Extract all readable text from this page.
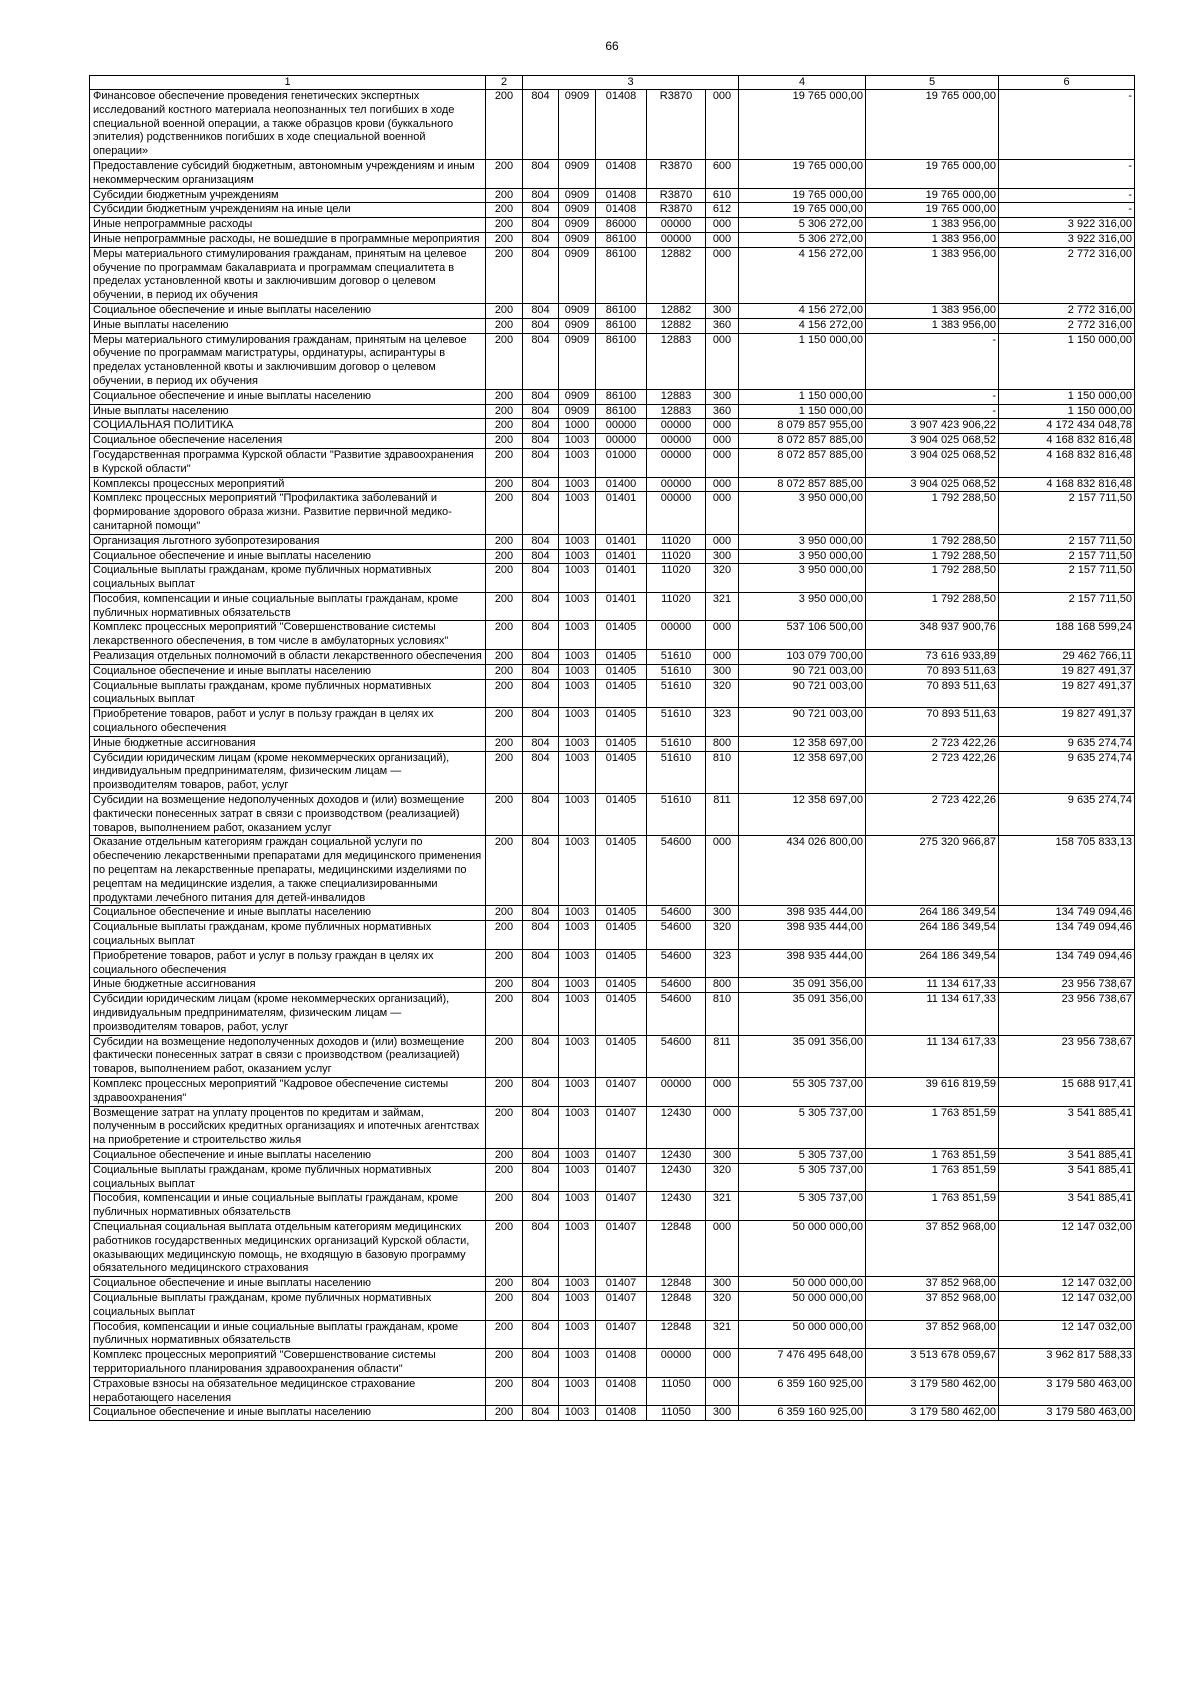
66
1	2	3					4	5	6
Финансовое обеспечение проведения генетических экспертных исследований костного материала неопознанных тел погибших в ходе специальной военной операции, а также образцов крови (буккального эпителия) родственников погибших в ходе специальной военной операции»	200	804	0909	01408	R3870	000	19 765 000,00	19 765 000,00	-
Предоставление субсидий бюджетным, автономным учреждениям и иным некоммерческим организациям	200	804	0909	01408	R3870	600	19 765 000,00	19 765 000,00	-
Субсидии бюджетным учреждениям	200	804	0909	01408	R3870	610	19 765 000,00	19 765 000,00	-
Субсидии бюджетным учреждениям на иные цели	200	804	0909	01408	R3870	612	19 765 000,00	19 765 000,00	-
Иные непрограммные расходы	200	804	0909	86000	00000	000	5 306 272,00	1 383 956,00	3 922 316,00
Иные непрограммные расходы, не вошедшие в программные мероприятия	200	804	0909	86100	00000	000	5 306 272,00	1 383 956,00	3 922 316,00
Меры материального стимулирования гражданам, принятым на целевое обучение по программам бакалавриата и программам специалитета в пределах установленной квоты и заключившим договор о целевом обучении, в период их обучения	200	804	0909	86100	12882	000	4 156 272,00	1 383 956,00	2 772 316,00
Социальное обеспечение и иные выплаты населению	200	804	0909	86100	12882	300	4 156 272,00	1 383 956,00	2 772 316,00
Иные выплаты населению	200	804	0909	86100	12882	360	4 156 272,00	1 383 956,00	2 772 316,00
Меры материального стимулирования гражданам, принятым на целевое обучение по программам магистратуры, ординатуры, аспирантуры в пределах установленной квоты и заключившим договор о целевом обучении, в период их обучения	200	804	0909	86100	12883	000	1 150 000,00	-	1 150 000,00
Социальное обеспечение и иные выплаты населению	200	804	0909	86100	12883	300	1 150 000,00	-	1 150 000,00
Иные выплаты населению	200	804	0909	86100	12883	360	1 150 000,00	-	1 150 000,00
СОЦИАЛЬНАЯ ПОЛИТИКА	200	804	1000	00000	00000	000	8 079 857 955,00	3 907 423 906,22	4 172 434 048,78
Социальное обеспечение населения	200	804	1003	00000	00000	000	8 072 857 885,00	3 904 025 068,52	4 168 832 816,48
Государственная программа Курской области "Развитие здравоохранения в Курской области"	200	804	1003	01000	00000	000	8 072 857 885,00	3 904 025 068,52	4 168 832 816,48
Комплексы процессных мероприятий	200	804	1003	01400	00000	000	8 072 857 885,00	3 904 025 068,52	4 168 832 816,48
Комплекс процессных мероприятий "Профилактика заболеваний и формирование здорового образа жизни. Развитие первичной медико-санитарной помощи"	200	804	1003	01401	00000	000	3 950 000,00	1 792 288,50	2 157 711,50
Организация льготного зубопротезирования	200	804	1003	01401	11020	000	3 950 000,00	1 792 288,50	2 157 711,50
Социальное обеспечение и иные выплаты населению	200	804	1003	01401	11020	300	3 950 000,00	1 792 288,50	2 157 711,50
Социальные выплаты гражданам, кроме публичных нормативных социальных выплат	200	804	1003	01401	11020	320	3 950 000,00	1 792 288,50	2 157 711,50
Пособия, компенсации и иные социальные выплаты гражданам, кроме публичных нормативных обязательств	200	804	1003	01401	11020	321	3 950 000,00	1 792 288,50	2 157 711,50
Комплекс процессных мероприятий "Совершенствование системы лекарственного обеспечения, в том числе в амбулаторных условиях"	200	804	1003	01405	00000	000	537 106 500,00	348 937 900,76	188 168 599,24
Реализация отдельных полномочий в области лекарственного обеспечения	200	804	1003	01405	51610	000	103 079 700,00	73 616 933,89	29 462 766,11
Социальное обеспечение и иные выплаты населению	200	804	1003	01405	51610	300	90 721 003,00	70 893 511,63	19 827 491,37
Социальные выплаты гражданам, кроме публичных нормативных социальных выплат	200	804	1003	01405	51610	320	90 721 003,00	70 893 511,63	19 827 491,37
Приобретение товаров, работ и услуг в пользу граждан в целях их социального обеспечения	200	804	1003	01405	51610	323	90 721 003,00	70 893 511,63	19 827 491,37
Иные бюджетные ассигнования	200	804	1003	01405	51610	800	12 358 697,00	2 723 422,26	9 635 274,74
Субсидии юридическим лицам (кроме некоммерческих организаций), индивидуальным предпринимателям, физическим лицам — производителям товаров, работ, услуг	200	804	1003	01405	51610	810	12 358 697,00	2 723 422,26	9 635 274,74
Субсидии на возмещение недополученных доходов и (или) возмещение фактически понесенных затрат в связи с производством (реализацией) товаров, выполнением работ, оказанием услуг	200	804	1003	01405	51610	811	12 358 697,00	2 723 422,26	9 635 274,74
Оказание отдельным категориям граждан социальной услуги по обеспечению лекарственными препаратами для медицинского применения по рецептам на лекарственные препараты, медицинскими изделиями по рецептам на медицинские изделия, а также специализированными продуктами лечебного питания для детей-инвалидов	200	804	1003	01405	54600	000	434 026 800,00	275 320 966,87	158 705 833,13
Социальное обеспечение и иные выплаты населению	200	804	1003	01405	54600	300	398 935 444,00	264 186 349,54	134 749 094,46
Социальные выплаты гражданам, кроме публичных нормативных социальных выплат	200	804	1003	01405	54600	320	398 935 444,00	264 186 349,54	134 749 094,46
Приобретение товаров, работ и услуг в пользу граждан в целях их социального обеспечения	200	804	1003	01405	54600	323	398 935 444,00	264 186 349,54	134 749 094,46
Иные бюджетные ассигнования	200	804	1003	01405	54600	800	35 091 356,00	11 134 617,33	23 956 738,67
Субсидии юридическим лицам (кроме некоммерческих организаций), индивидуальным предпринимателям, физическим лицам — производителям товаров, работ, услуг	200	804	1003	01405	54600	810	35 091 356,00	11 134 617,33	23 956 738,67
Субсидии на возмещение недополученных доходов и (или) возмещение фактически понесенных затрат в связи с производством (реализацией) товаров, выполнением работ, оказанием услуг	200	804	1003	01405	54600	811	35 091 356,00	11 134 617,33	23 956 738,67
Комплекс процессных мероприятий "Кадровое обеспечение системы здравоохранения"	200	804	1003	01407	00000	000	55 305 737,00	39 616 819,59	15 688 917,41
Возмещение затрат на уплату процентов по кредитам и займам, полученным в российских кредитных организациях и ипотечных агентствах на приобретение и строительство жилья	200	804	1003	01407	12430	000	5 305 737,00	1 763 851,59	3 541 885,41
Социальное обеспечение и иные выплаты населению	200	804	1003	01407	12430	300	5 305 737,00	1 763 851,59	3 541 885,41
Социальные выплаты гражданам, кроме публичных нормативных социальных выплат	200	804	1003	01407	12430	320	5 305 737,00	1 763 851,59	3 541 885,41
Пособия, компенсации и иные социальные выплаты гражданам, кроме публичных нормативных обязательств	200	804	1003	01407	12430	321	5 305 737,00	1 763 851,59	3 541 885,41
Специальная социальная выплата отдельным категориям медицинских работников государственных медицинских организаций Курской области, оказывающих медицинскую помощь, не входящую в базовую программу обязательного медицинского страхования	200	804	1003	01407	12848	000	50 000 000,00	37 852 968,00	12 147 032,00
Социальное обеспечение и иные выплаты населению	200	804	1003	01407	12848	300	50 000 000,00	37 852 968,00	12 147 032,00
Социальные выплаты гражданам, кроме публичных нормативных социальных выплат	200	804	1003	01407	12848	320	50 000 000,00	37 852 968,00	12 147 032,00
Пособия, компенсации и иные социальные выплаты гражданам, кроме публичных нормативных обязательств	200	804	1003	01407	12848	321	50 000 000,00	37 852 968,00	12 147 032,00
Комплекс процессных мероприятий "Совершенствование системы территориального планирования здравоохранения области"	200	804	1003	01408	00000	000	7 476 495 648,00	3 513 678 059,67	3 962 817 588,33
Страховые взносы на обязательное медицинское страхование неработающего населения	200	804	1003	01408	11050	000	6 359 160 925,00	3 179 580 462,00	3 179 580 463,00
Социальное обеспечение и иные выплаты населению	200	804	1003	01408	11050	300	6 359 160 925,00	3 179 580 462,00	3 179 580 463,00
